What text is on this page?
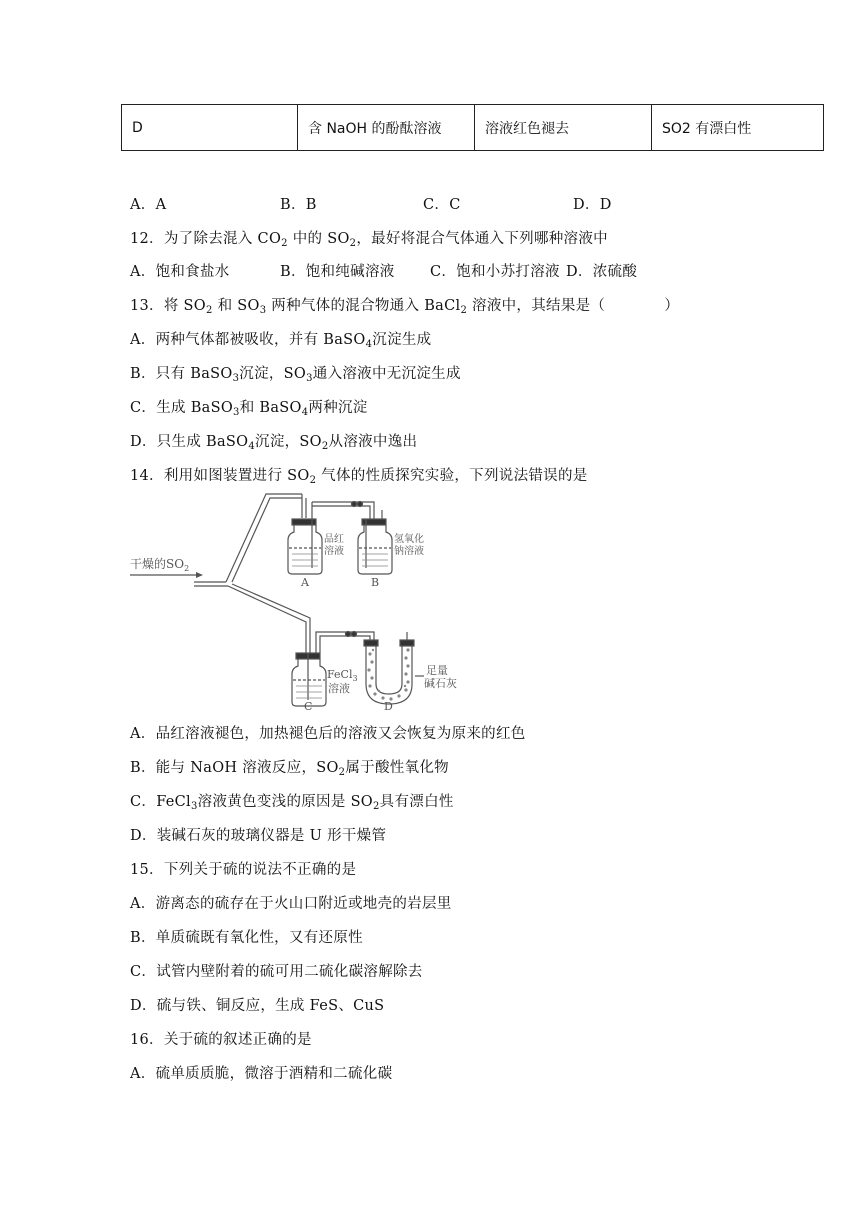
D	含 NaOH 的酚酞溶液	溶液红色褪去	SO2 有漂白性
A．A	B．B	C．C	D．D
12．为了除去混入 $CO_2$ 中的 $SO_2$，最好将混合气体通入下列哪种溶液中
A．饱和食盐水	B．饱和纯碱溶液 C．饱和小苏打溶液 D．浓硫酸
13．将 $SO_2$ 和 $SO_3$ 两种气体的混合物通入 BaCl$_2$ 溶液中，其结果是（　　　　）
A．两种气体都被吸收，并有 BaSO$_4$沉淀生成
B．只有 BaSO$_3$沉淀，$SO_3$通入溶液中无沉淀生成
C．生成 BaSO$_3$和 BaSO$_4$两种沉淀
D．只生成 BaSO$_4$沉淀，$SO_2$从溶液中逸出
14．利用如图装置进行 $SO_2$ 气体的性质探究实验，下列说法错误的是
干燥的$SO_2$
品红
溶液
A
氢氧化
钠溶液
B
FeCl$_3$
溶液
C
足量
碱石灰
D
A．品红溶液褪色，加热褪色后的溶液又会恢复为原来的红色
B．能与 NaOH 溶液反应，$SO_2$属于酸性氧化物
C．FeCl$_3$溶液黄色变浅的原因是 $SO_2$具有漂白性
D．装碱石灰的玻璃仪器是 U 形干燥管
15．下列关于硫的说法不正确的是
A．游离态的硫存在于火山口附近或地壳的岩层里
B．单质硫既有氧化性，又有还原性
C．试管内壁附着的硫可用二硫化碳溶解除去
D．硫与铁、铜反应，生成 FeS、CuS
16．关于硫的叙述正确的是
A．硫单质质脆，微溶于酒精和二硫化碳
